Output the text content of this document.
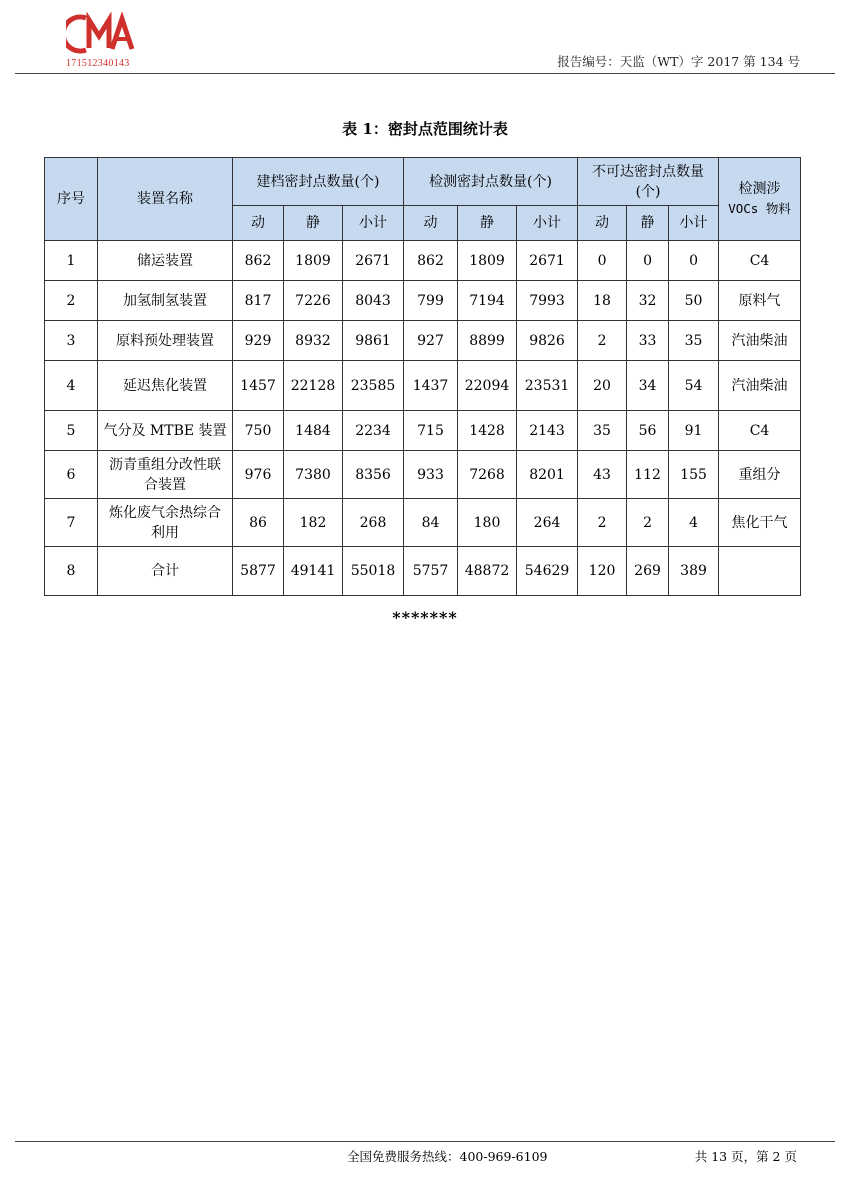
171512340143	报告编号：天监（WT）字 2017 第 134 号
表 1：密封点范围统计表
序号	装置名称	建档密封点数量(个)			检测密封点数量(个)			不可达密封点数量(个)			检测涉
VOCs 物料

		动	静	小计	动	静	小计	动	静	小计	
1	储运装置	862	1809	2671	862	1809	2671	0	0	0	C4
2	加氢制氢装置	817	7226	8043	799	7194	7993	18	32	50	原料气
3	原料预处理装置	929	8932	9861	927	8899	9826	2	33	35	汽油柴油
4	延迟焦化装置	1457	22128	23585	1437	22094	23531	20	34	54	汽油柴油
5	气分及 MTBE 装置	750	1484	2234	715	1428	2143	35	56	91	C4
6	沥青重组分改性联合装置	976	7380	8356	933	7268	8201	43	112	155	重组分
7	炼化废气余热综合利用	86	182	268	84	180	264	2	2	4	焦化干气
8	合计	5877	49141	55018	5757	48872	54629	120	269	389	
*******
全国免费服务热线：400-969-6109	共 13 页，第 2 页
